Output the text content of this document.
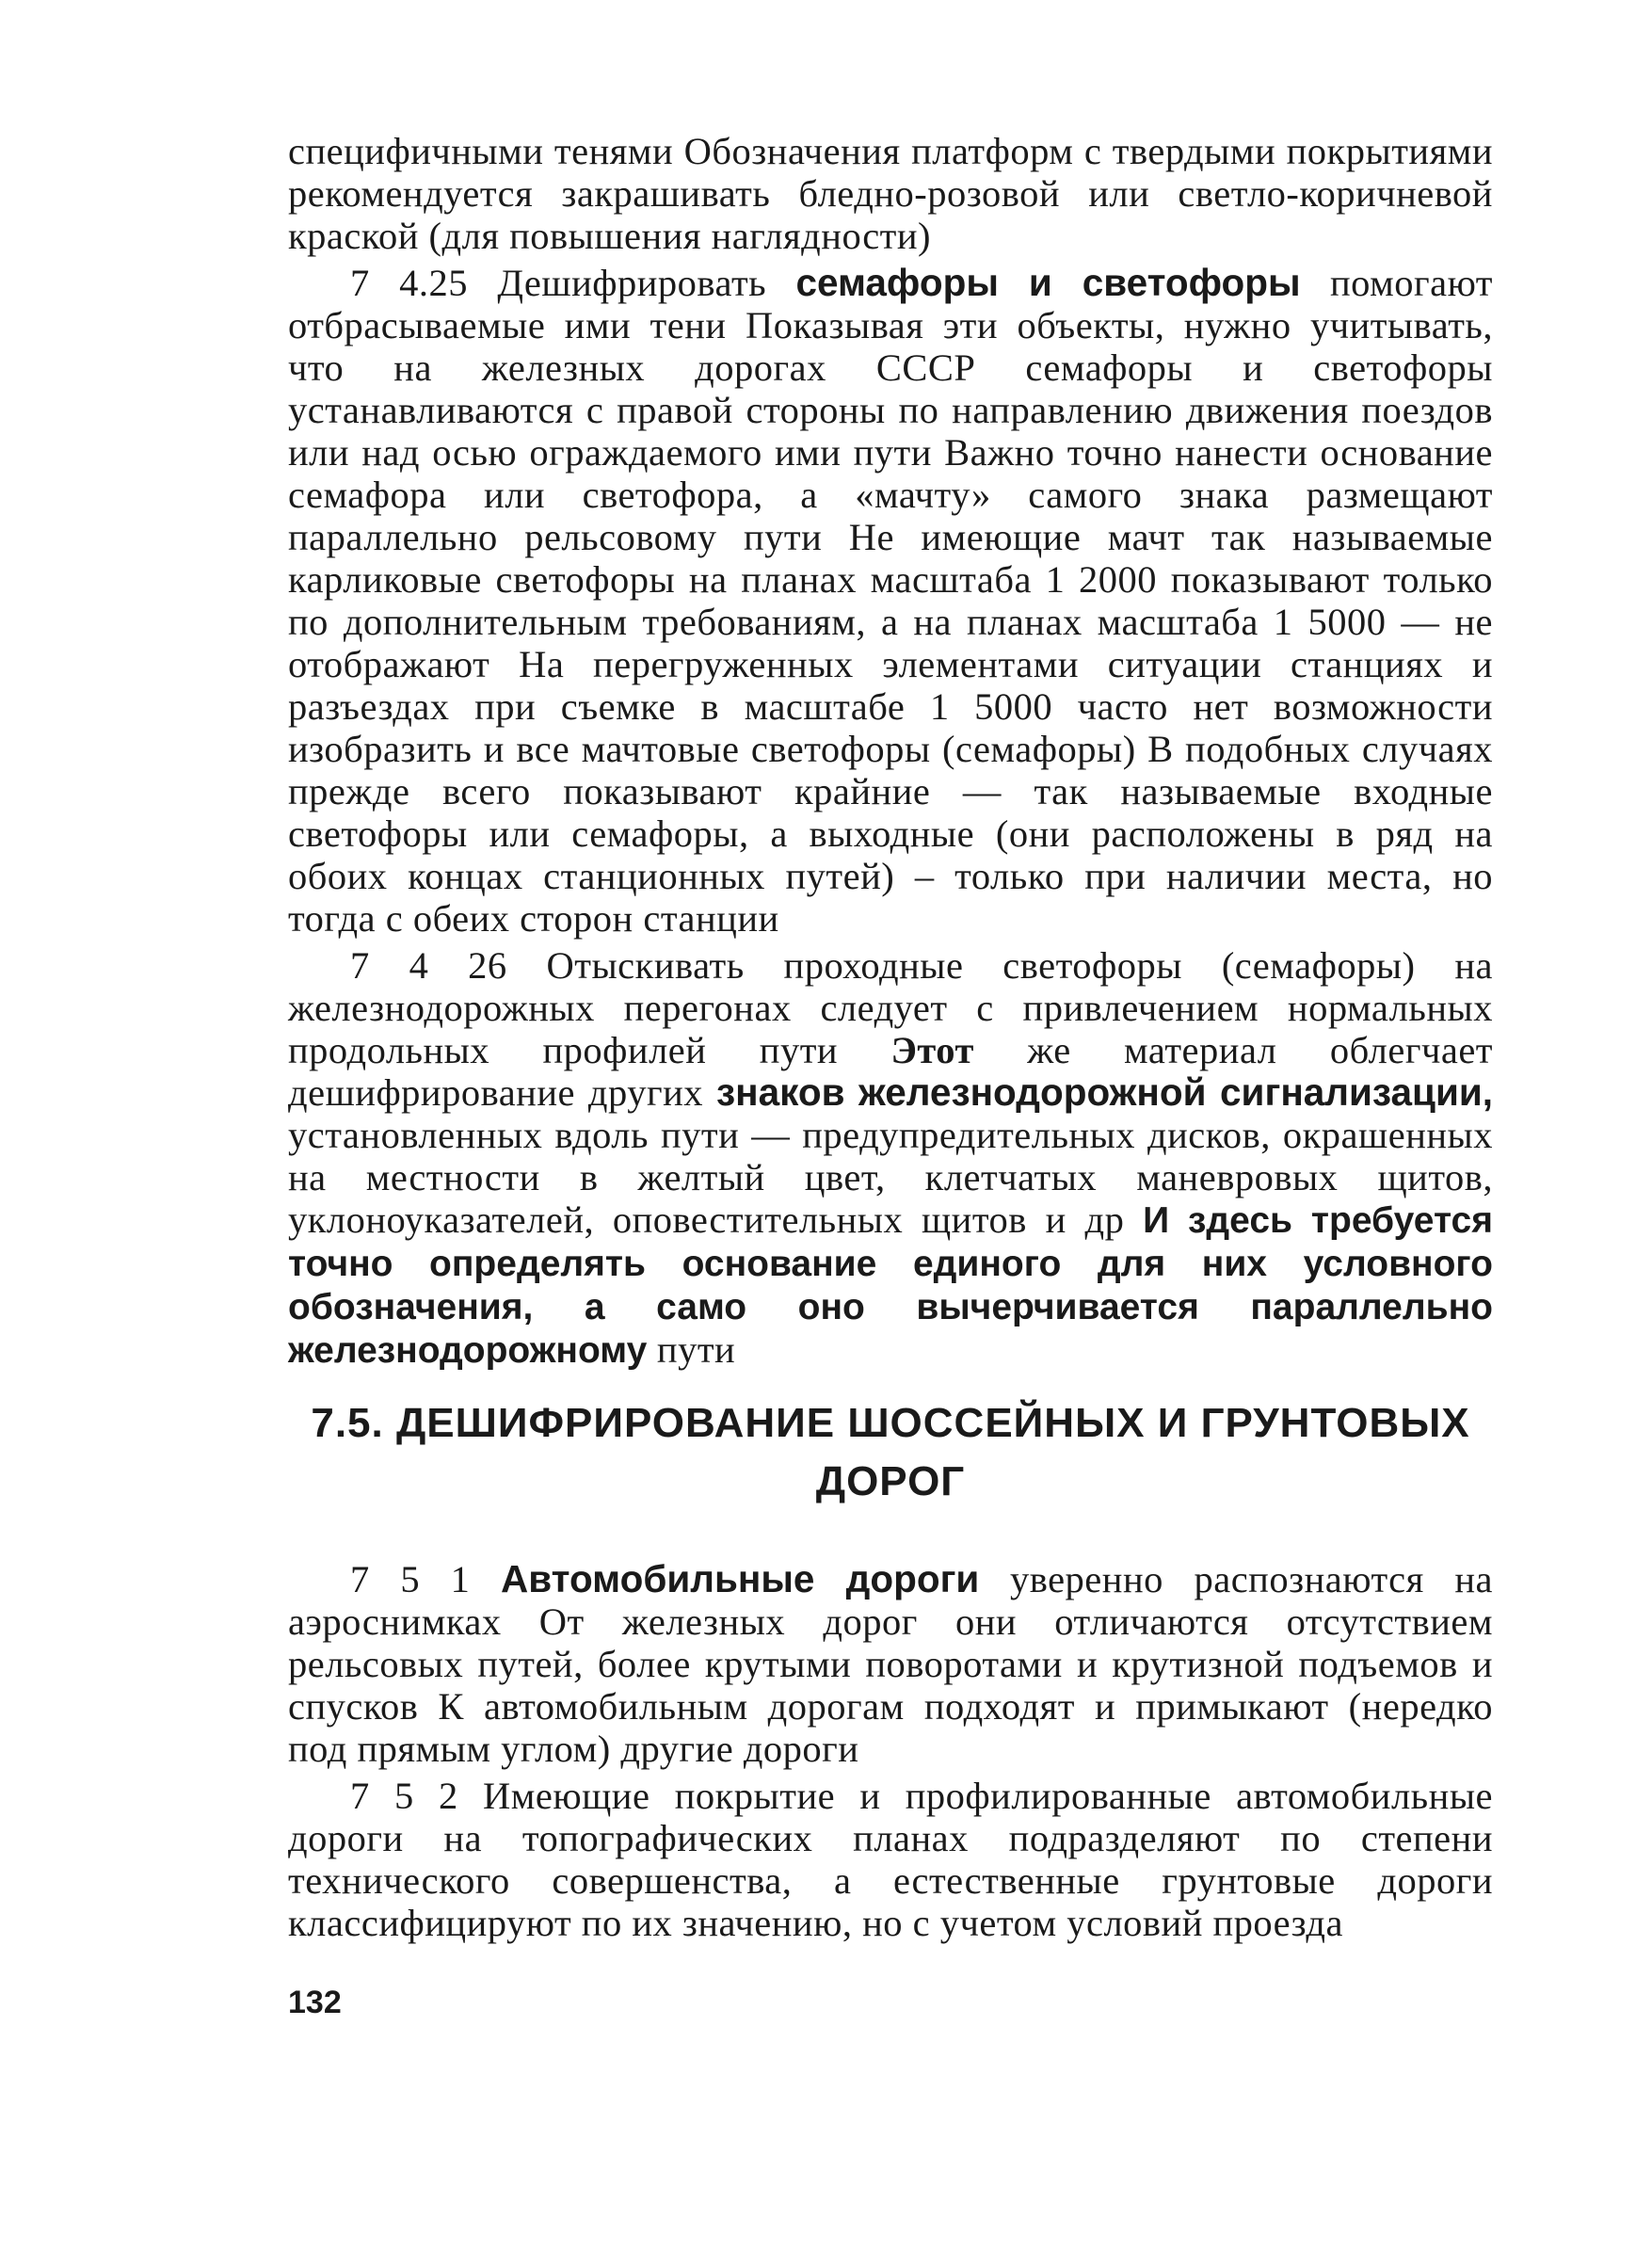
специфичными тенями Обозначения платформ с твердыми покрытиями рекомендуется закрашивать бледно-розовой или светло-коричневой краской (для повышения наглядности)

7 4.25 Дешифрировать семафоры и светофоры помогают отбрасываемые ими тени Показывая эти объекты, нужно учитывать, что на железных дорогах СССР семафоры и светофоры устанавливаются с правой стороны по направлению движения поездов или над осью ограждаемого ими пути Важно точно нанести основание семафора или светофора, а «мачту» самого знака размещают параллельно рельсовому пути Не имеющие мачт так называемые карликовые светофоры на планах масштаба 1 2000 показывают только по дополнительным требованиям, а на планах масштаба 1 5000 — не отображают На перегруженных элементами ситуации станциях и разъездах при съемке в масштабе 1 5000 часто нет возможности изобразить и все мачтовые светофоры (семафоры) В подобных случаях прежде всего показывают крайние — так называемые входные светофоры или семафоры, а выходные (они расположены в ряд на обоих концах станционных путей) – только при наличии места, но тогда с обеих сторон станции

7 4 26 Отыскивать проходные светофоры (семафоры) на железнодорожных перегонах следует с привлечением нормальных продольных профилей пути Этот же материал облегчает дешифрирование других знаков железнодорожной сигнализации, установленных вдоль пути — предупредительных дисков, окрашенных на местности в желтый цвет, клетчатых маневровых щитов, уклоноуказателей, оповестительных щитов и др И здесь требуется точно определять основание единого для них условного обозначения, а само оно вычерчивается параллельно железнодорожному пути

7.5. ДЕШИФРИРОВАНИЕ ШОССЕЙНЫХ И ГРУНТОВЫХ
ДОРОГ

7 5 1 Автомобильные дороги уверенно распознаются на аэроснимках От железных дорог они отличаются отсутствием рельсовых путей, более крутыми поворотами и крутизной подъемов и спусков К автомобильным дорогам подходят и примыкают (нередко под прямым углом) другие дороги

7 5 2 Имеющие покрытие и профилированные автомобильные дороги на топографических планах подразделяют по степени технического совершенства, а естественные грунтовые дороги классифицируют по их значению, но с учетом условий проезда

132
